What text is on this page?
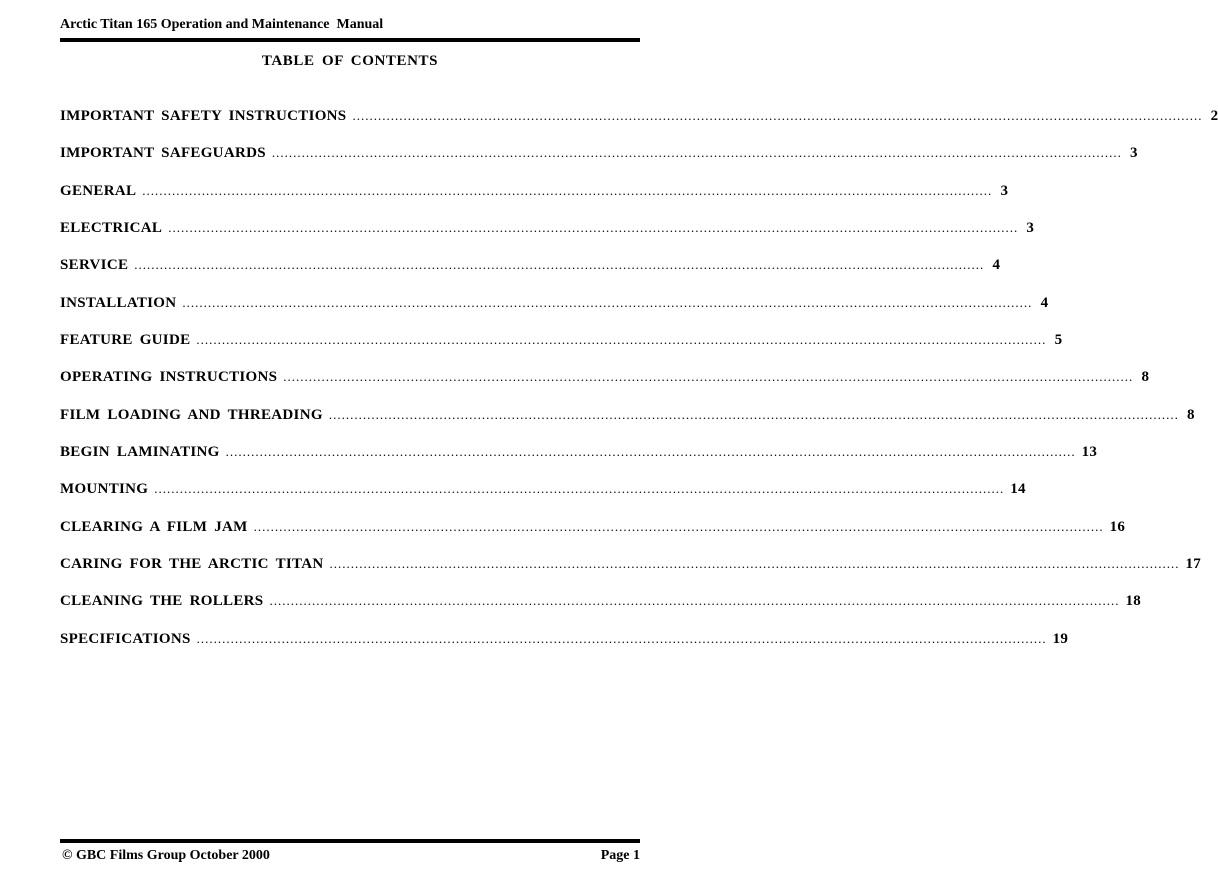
Arctic Titan 165 Operation and Maintenance  Manual
TABLE OF CONTENTS
IMPORTANT SAFETY INSTRUCTIONS ........................................................................................................................................................................................................ 2
IMPORTANT SAFEGUARDS ........................................................................................................................................................................................................ 3
GENERAL ........................................................................................................................................................................................................ 3
ELECTRICAL ........................................................................................................................................................................................................ 3
SERVICE ........................................................................................................................................................................................................ 4
INSTALLATION ........................................................................................................................................................................................................ 4
FEATURE GUIDE ........................................................................................................................................................................................................ 5
OPERATING INSTRUCTIONS ........................................................................................................................................................................................................ 8
FILM LOADING AND THREADING ........................................................................................................................................................................................................ 8
BEGIN LAMINATING ........................................................................................................................................................................................................ 13
MOUNTING ........................................................................................................................................................................................................ 14
CLEARING A FILM JAM ........................................................................................................................................................................................................ 16
CARING FOR THE ARCTIC TITAN ........................................................................................................................................................................................................ 17
CLEANING THE ROLLERS ........................................................................................................................................................................................................ 18
SPECIFICATIONS ........................................................................................................................................................................................................ 19
© GBC Films Group October 2000	Page 1
